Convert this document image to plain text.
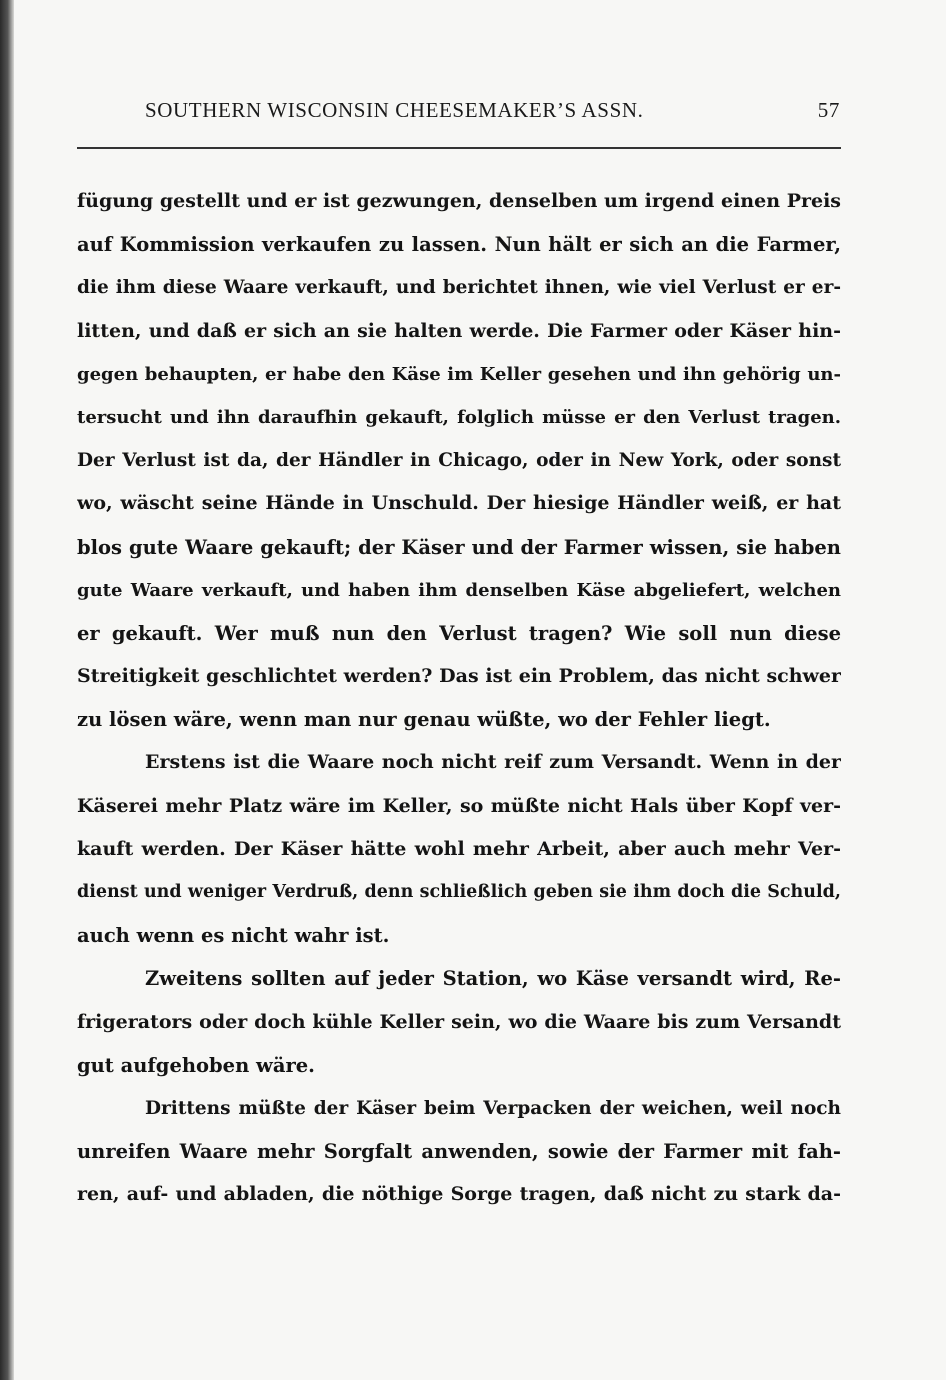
SOUTHERN WISCONSIN CHEESEMAKER’S ASSN.	57
fügung gestellt und er ist gezwungen, denselben um irgend einen Preis
auf Kommission verkaufen zu lassen. Nun hält er sich an die Farmer,
die ihm diese Waare verkauft, und berichtet ihnen, wie viel Verlust er er-
litten, und daß er sich an sie halten werde. Die Farmer oder Käser hin-
gegen behaupten, er habe den Käse im Keller gesehen und ihn gehörig un-
tersucht und ihn daraufhin gekauft, folglich müsse er den Verlust tragen.
Der Verlust ist da, der Händler in Chicago, oder in New York, oder sonst
wo, wäscht seine Hände in Unschuld. Der hiesige Händler weiß, er hat
blos gute Waare gekauft; der Käser und der Farmer wissen, sie haben
gute Waare verkauft, und haben ihm denselben Käse abgeliefert, welchen
er gekauft. Wer muß nun den Verlust tragen? Wie soll nun diese
Streitigkeit geschlichtet werden? Das ist ein Problem, das nicht schwer
zu lösen wäre, wenn man nur genau wüßte, wo der Fehler liegt.
Erstens ist die Waare noch nicht reif zum Versandt. Wenn in der
Käserei mehr Platz wäre im Keller, so müßte nicht Hals über Kopf ver-
kauft werden. Der Käser hätte wohl mehr Arbeit, aber auch mehr Ver-
dienst und weniger Verdruß, denn schließlich geben sie ihm doch die Schuld,
auch wenn es nicht wahr ist.
Zweitens sollten auf jeder Station, wo Käse versandt wird, Re-
frigerators oder doch kühle Keller sein, wo die Waare bis zum Versandt
gut aufgehoben wäre.
Drittens müßte der Käser beim Verpacken der weichen, weil noch
unreifen Waare mehr Sorgfalt anwenden, sowie der Farmer mit fah-
ren, auf- und abladen, die nöthige Sorge tragen, daß nicht zu stark da-
